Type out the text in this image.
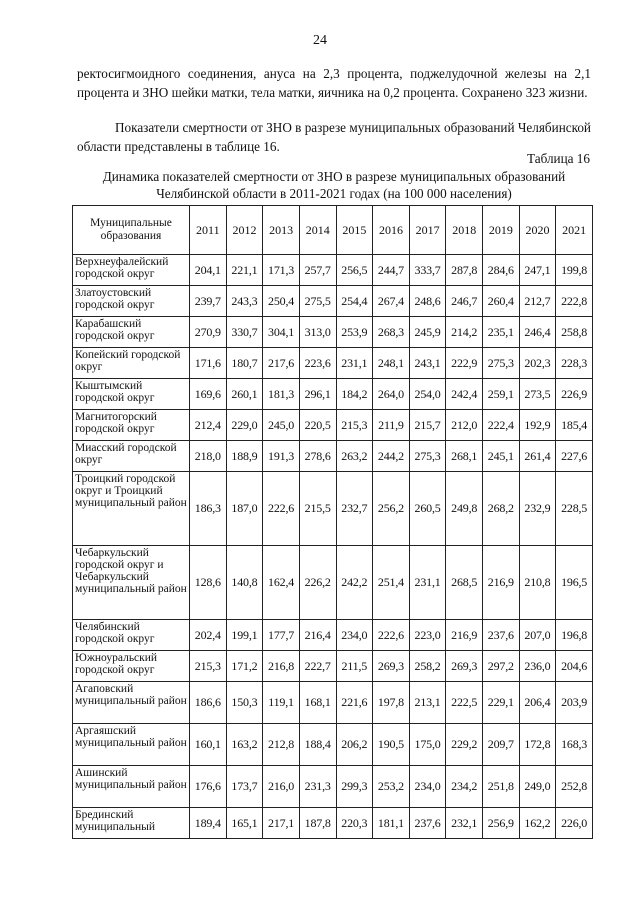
24
ректосигмоидного соединения, ануса на 2,3 процента, поджелудочной железы на 2,1 процента и ЗНО шейки матки, тела матки, яичника на 0,2 процента. Сохранено 323 жизни.
Показатели смертности от ЗНО в разрезе муниципальных образований Челябинской области представлены в таблице 16.
Таблица 16
Динамика показателей смертности от ЗНО в разрезе муниципальных образований Челябинской области в 2011-2021 годах (на 100 000 населения)
Муниципальные образования	2011	2012	2013	2014	2015	2016	2017	2018	2019	2020	2021
Верхнеуфалейский городской округ	204,1	221,1	171,3	257,7	256,5	244,7	333,7	287,8	284,6	247,1	199,8
Златоустовский городской округ	239,7	243,3	250,4	275,5	254,4	267,4	248,6	246,7	260,4	212,7	222,8
Карабашский городской округ	270,9	330,7	304,1	313,0	253,9	268,3	245,9	214,2	235,1	246,4	258,8
Копейский городской округ	171,6	180,7	217,6	223,6	231,1	248,1	243,1	222,9	275,3	202,3	228,3
Кыштымский городской округ	169,6	260,1	181,3	296,1	184,2	264,0	254,0	242,4	259,1	273,5	226,9
Магнитогорский городской округ	212,4	229,0	245,0	220,5	215,3	211,9	215,7	212,0	222,4	192,9	185,4
Миасский городской округ	218,0	188,9	191,3	278,6	263,2	244,2	275,3	268,1	245,1	261,4	227,6
Троицкий городской округ и Троицкий муниципальный район	186,3	187,0	222,6	215,5	232,7	256,2	260,5	249,8	268,2	232,9	228,5
Чебаркульский городской округ и Чебаркульский муниципальный район	128,6	140,8	162,4	226,2	242,2	251,4	231,1	268,5	216,9	210,8	196,5
Челябинский городской округ	202,4	199,1	177,7	216,4	234,0	222,6	223,0	216,9	237,6	207,0	196,8
Южноуральский городской округ	215,3	171,2	216,8	222,7	211,5	269,3	258,2	269,3	297,2	236,0	204,6
Агаповский муниципальный район	186,6	150,3	119,1	168,1	221,6	197,8	213,1	222,5	229,1	206,4	203,9
Аргаяшский муниципальный район	160,1	163,2	212,8	188,4	206,2	190,5	175,0	229,2	209,7	172,8	168,3
Ашинский муниципальный район	176,6	173,7	216,0	231,3	299,3	253,2	234,0	234,2	251,8	249,0	252,8
Брединский муниципальный	189,4	165,1	217,1	187,8	220,3	181,1	237,6	232,1	256,9	162,2	226,0
